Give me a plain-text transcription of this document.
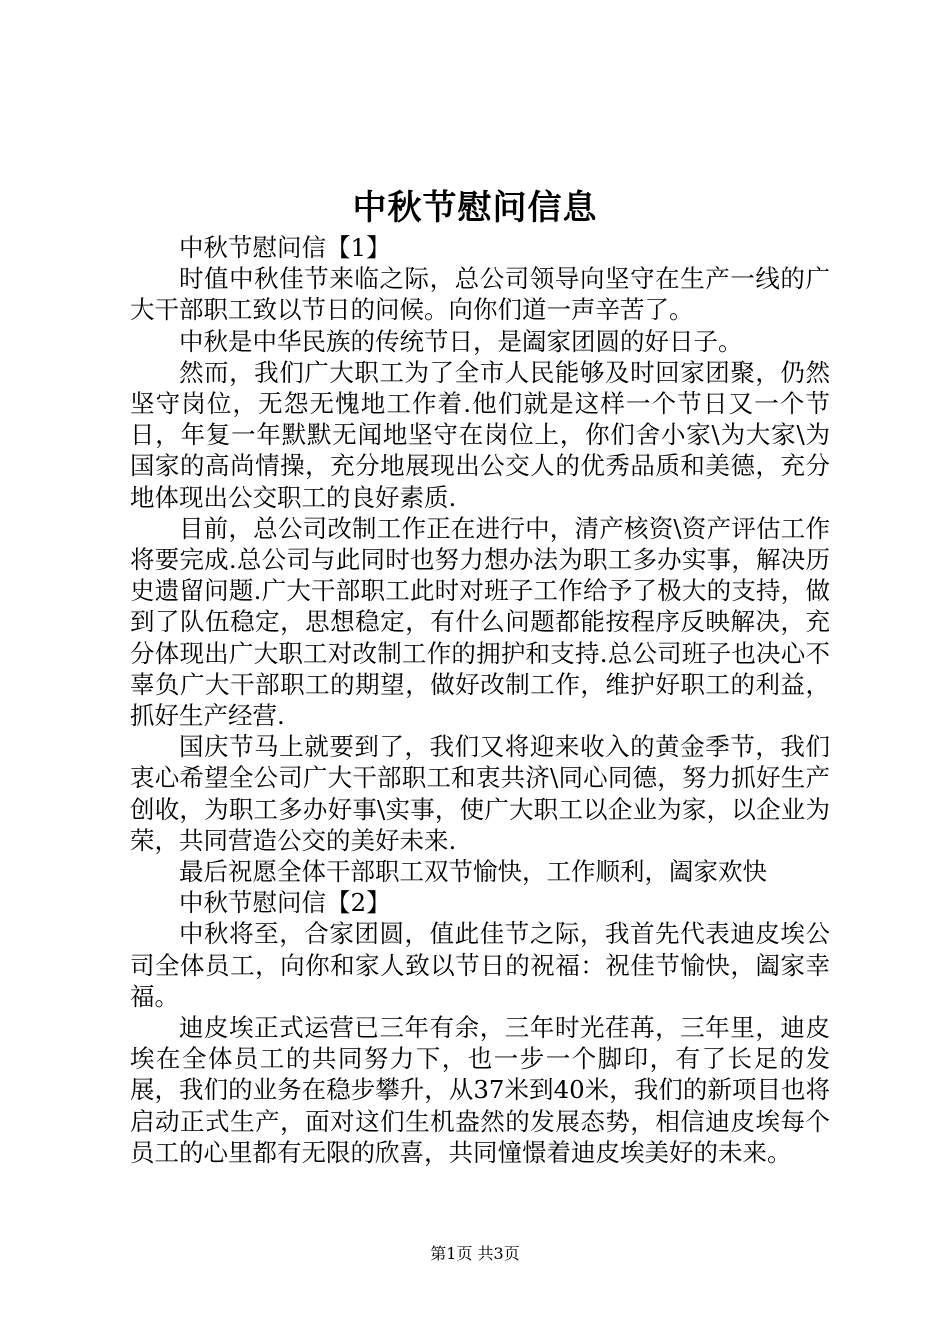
中秋节慰问信息

中秋节慰问信【1】

时值中秋佳节来临之际，总公司领导向坚守在生产一线的广大干部职工致以节日的问候。向你们道一声辛苦了。

中秋是中华民族的传统节日，是阖家团圆的好日子。

然而，我们广大职工为了全市人民能够及时回家团聚，仍然坚守岗位，无怨无愧地工作着.他们就是这样一个节日又一个节日，年复一年默默无闻地坚守在岗位上，你们舍小家\为大家\为国家的高尚情操，充分地展现出公交人的优秀品质和美德，充分地体现出公交职工的良好素质.

目前，总公司改制工作正在进行中，清产核资\资产评估工作将要完成.总公司与此同时也努力想办法为职工多办实事，解决历史遗留问题.广大干部职工此时对班子工作给予了极大的支持，做到了队伍稳定，思想稳定，有什么问题都能按程序反映解决，充分体现出广大职工对改制工作的拥护和支持.总公司班子也决心不辜负广大干部职工的期望，做好改制工作，维护好职工的利益，抓好生产经营.

国庆节马上就要到了，我们又将迎来收入的黄金季节，我们衷心希望全公司广大干部职工和衷共济\同心同德，努力抓好生产创收，为职工多办好事\实事，使广大职工以企业为家，以企业为荣，共同营造公交的美好未来.

最后祝愿全体干部职工双节愉快，工作顺利，阖家欢快

中秋节慰问信【2】

中秋将至，合家团圆，值此佳节之际，我首先代表迪皮埃公司全体员工，向你和家人致以节日的祝福：祝佳节愉快，阖家幸福。

迪皮埃正式运营已三年有余，三年时光荏苒，三年里，迪皮埃在全体员工的共同努力下，也一步一个脚印，有了长足的发展，我们的业务在稳步攀升，从37米到40米，我们的新项目也将启动正式生产，面对这们生机盎然的发展态势，相信迪皮埃每个员工的心里都有无限的欣喜，共同憧憬着迪皮埃美好的未来。

第1页 共3页
